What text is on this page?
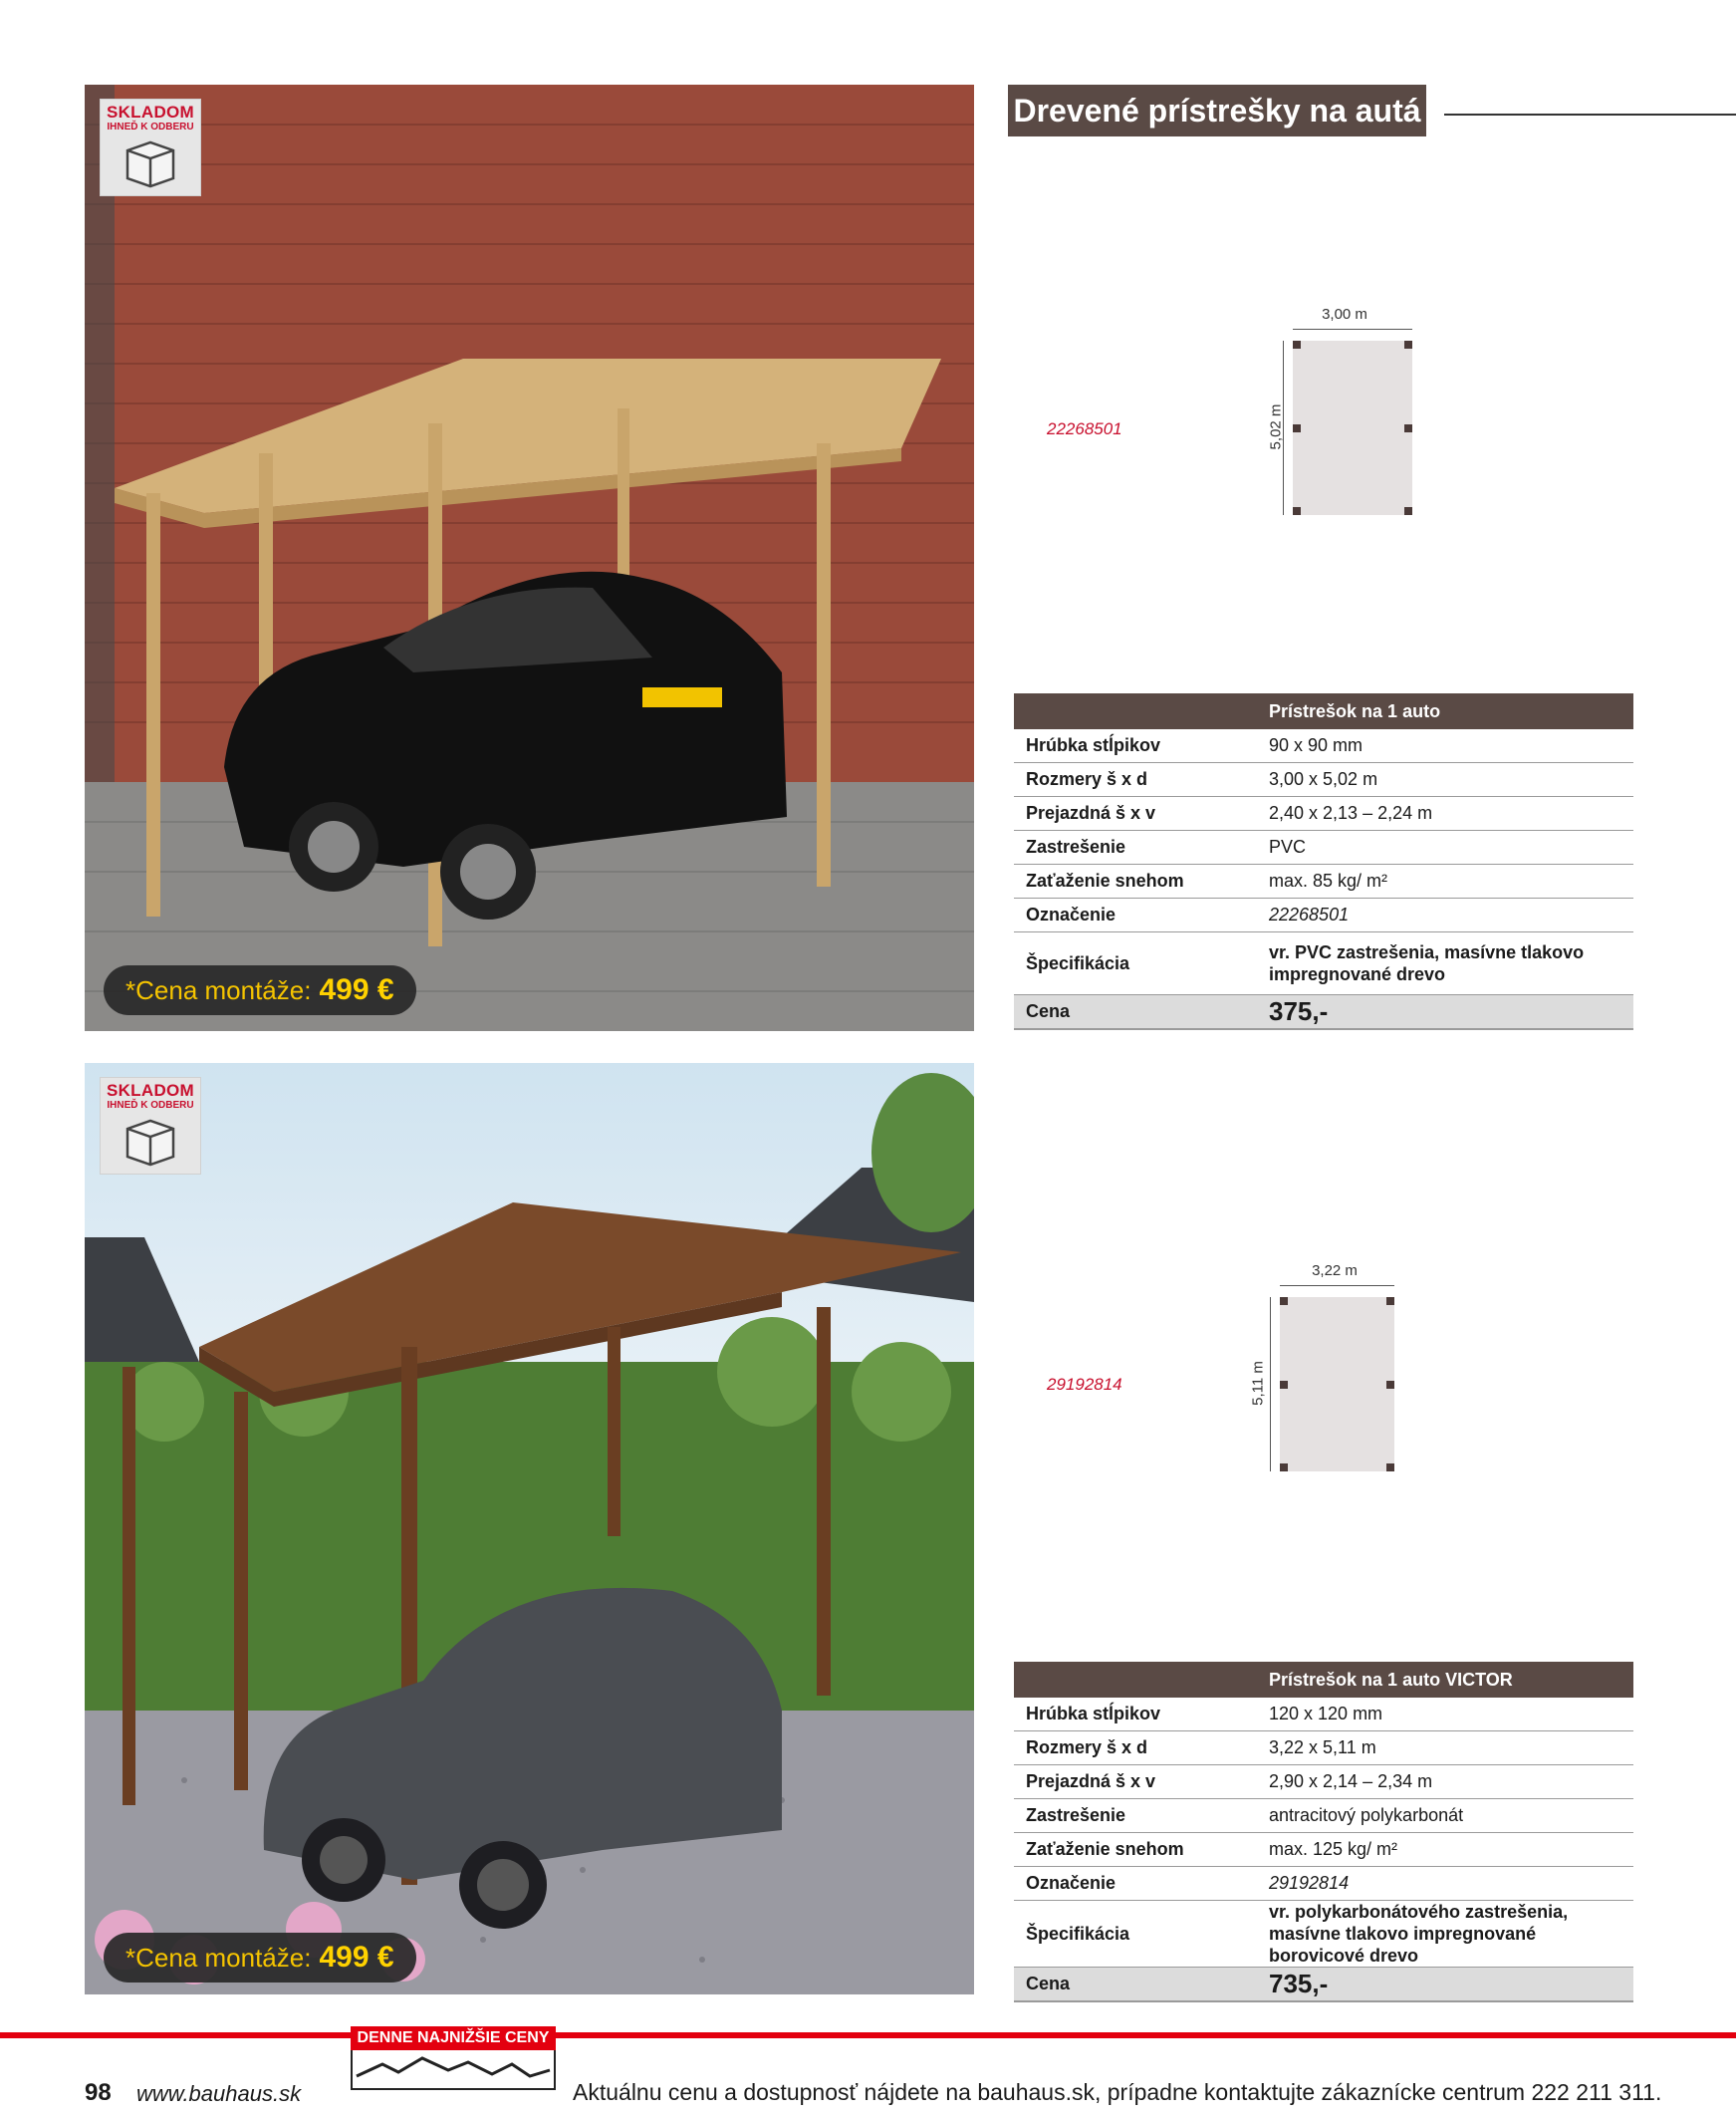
SKLADOM
IHNEĎ K ODBERU
*Cena montáže: 499 €
Drevené prístrešky na autá
22268501
3,00 m
5,02 m
	Prístrešok na 1 auto
Hrúbka stĺpikov	90 x 90 mm
Rozmery š x d	3,00 x 5,02 m
Prejazdná š x v	2,40 x 2,13 – 2,24 m
Zastrešenie	PVC
Zaťaženie snehom	max. 85 kg/ m²
Označenie	22268501
Špecifikácia	vr. PVC zastrešenia, masívne tlakovo impregnované drevo
Cena	375,-
SKLADOM
IHNEĎ K ODBERU
*Cena montáže: 499 €
29192814
3,22 m
5,11 m
	Prístrešok na 1 auto VICTOR
Hrúbka stĺpikov	120 x 120 mm
Rozmery š x d	3,22 x 5,11 m
Prejazdná š x v	2,90 x 2,14 – 2,34 m
Zastrešenie	antracitový polykarbonát
Zaťaženie snehom	max. 125 kg/ m²
Označenie	29192814
Špecifikácia	vr. polykarbonátového zastrešenia, masívne tlakovo impregnované borovicové drevo
Cena	735,-
98 www.bauhaus.sk
DENNE NAJNIŽŠIE CENY
Aktuálnu cenu a dostupnosť nájdete na bauhaus.sk, prípadne kontaktujte zákaznícke centrum 222 211 311.
